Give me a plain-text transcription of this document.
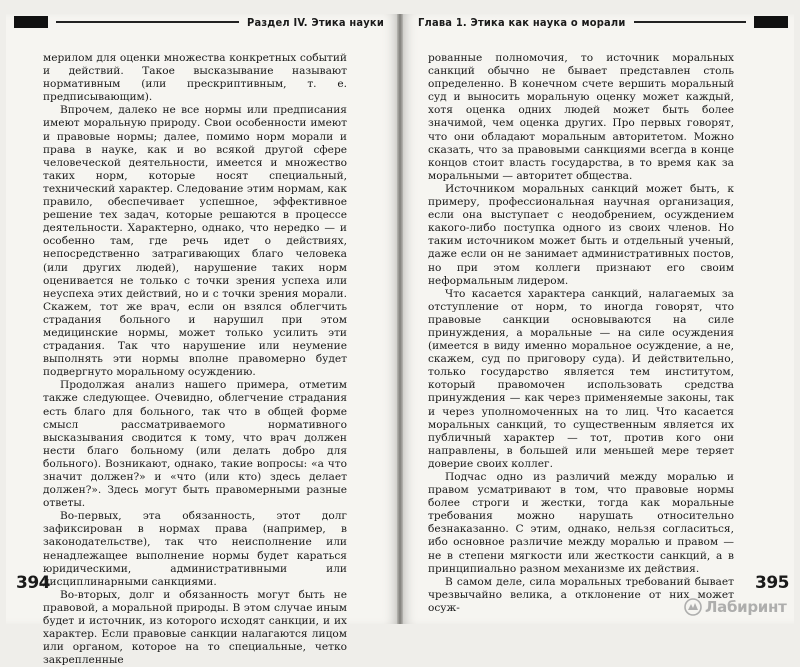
Раздел IV. Этика науки	Глава 1. Этика как наука о морали

мерилом для оценки множества конкретных событий и действий. Такое высказывание называют нормативным (или прескриптивным, т. е. предписывающим).

Впрочем, далеко не все нормы или предписания имеют моральную природу. Свои особенности имеют и правовые нормы; далее, помимо норм морали и права в науке, как и во всякой другой сфере человеческой деятельности, имеется и множество таких норм, которые носят специальный, технический характер. Следование этим нормам, как правило, обеспечивает успешное, эффективное решение тех задач, которые решаются в процессе деятельности. Характерно, однако, что нередко — и особенно там, где речь идет о действиях, непосредственно затрагивающих благо человека (или других людей), нарушение таких норм оценивается не только с точки зрения успеха или неуспеха этих действий, но и с точки зрения морали. Скажем, тот же врач, если он взялся облегчить страдания больного и нарушил при этом медицинские нормы, может только усилить эти страдания. Так что нарушение или неумение выполнять эти нормы вполне правомерно будет подвергнуто моральному осуждению.

Продолжая анализ нашего примера, отметим также следующее. Очевидно, облегчение страдания есть благо для больного, так что в общей форме смысл рассматриваемого нормативного высказывания сводится к тому, что врач должен нести благо больному (или делать добро для больного). Возникают, однако, такие вопросы: «а что значит должен?» и «что (или кто) здесь делает должен?». Здесь могут быть правомерными разные ответы.

Во-первых, эта обязанность, этот долг зафиксирован в нормах права (например, в законодательстве), так что неисполнение или ненадлежащее выполнение нормы будет караться юридическими, административными или дисциплинарными санкциями.

Во-вторых, долг и обязанность могут быть не правовой, а моральной природы. В этом случае иным будет и источник, из которого исходят санкции, и их характер. Если правовые санкции налагаются лицом или органом, которое на то специальные, четко закрепленные

рованные полномочия, то источник моральных санкций обычно не бывает представлен столь определенно. В конечном счете вершить моральный суд и выносить моральную оценку может каждый, хотя оценка одних людей может быть более значимой, чем оценка других. Про первых говорят, что они обладают моральным авторитетом. Можно сказать, что за правовыми санкциями всегда в конце концов стоит власть государства, в то время как за моральными — авторитет общества.

Источником моральных санкций может быть, к примеру, профессиональная научная организация, если она выступает с неодобрением, осуждением какого-либо поступка одного из своих членов. Но таким источником может быть и отдельный ученый, даже если он не занимает административных постов, но при этом коллеги признают его своим неформальным лидером.

Что касается характера санкций, налагаемых за отступление от норм, то иногда говорят, что правовые санкции основываются на силе принуждения, а моральные — на силе осуждения (имеется в виду именно моральное осуждение, а не, скажем, суд по приговору суда). И действительно, только государство является тем институтом, который правомочен использовать средства принуждения — как через применяемые законы, так и через уполномоченных на то лиц. Что касается моральных санкций, то существенным является их публичный характер — тот, против кого они направлены, в большей или меньшей мере теряет доверие своих коллег.

Подчас одно из различий между моралью и правом усматривают в том, что правовые нормы более строги и жестки, тогда как моральные требования можно нарушать относительно безнаказанно. С этим, однако, нельзя согласиться, ибо основное различие между моралью и правом — не в степени мягкости или жесткости санкций, а в принципиально разном механизме их действия.

В самом деле, сила моральных требований бывает чрезвычайно велика, а отклонение от них может осуж-

394	395
Лабиринт
